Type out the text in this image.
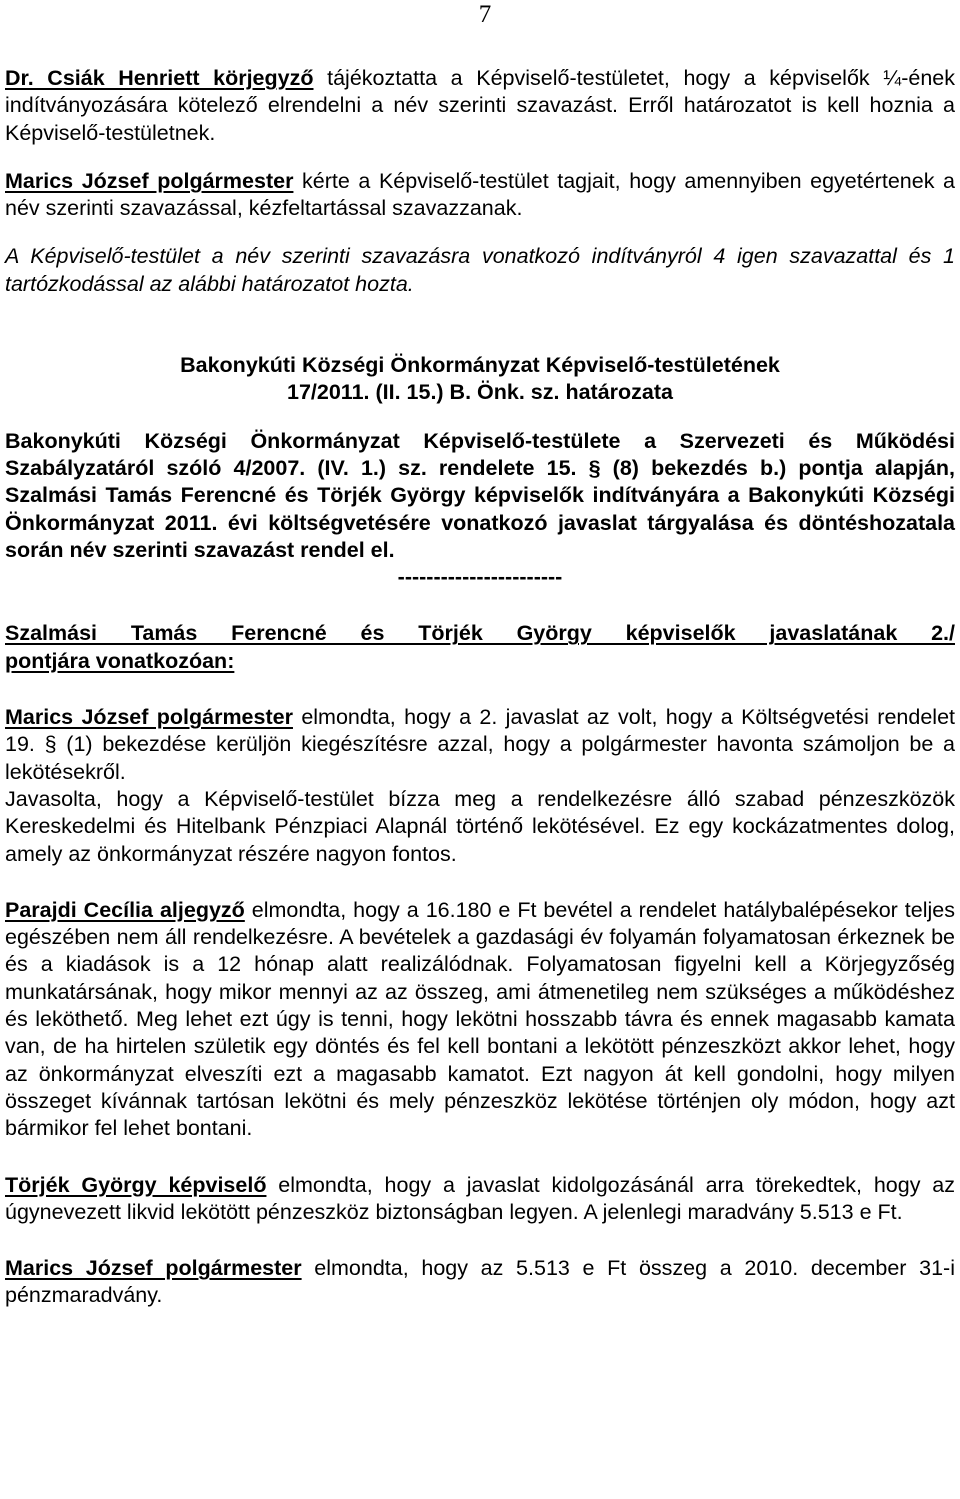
7

Dr. Csiák Henriett körjegyző tájékoztatta a Képviselő-testületet, hogy a képviselők ¼-ének indítványozására kötelező elrendelni a név szerinti szavazást. Erről határozatot is kell hoznia a Képviselő-testületnek.

Marics József polgármester kérte a Képviselő-testület tagjait, hogy amennyiben egyetértenek a név szerinti szavazással, kézfeltartással szavazzanak.

A Képviselő-testület a név szerinti szavazásra vonatkozó indítványról 4 igen szavazattal és 1 tartózkodással az alábbi határozatot hozta.

Bakonykúti Községi Önkormányzat Képviselő-testületének
17/2011. (II. 15.) B. Önk. sz. határozata

Bakonykúti Községi Önkormányzat Képviselő-testülete a Szervezeti és Működési Szabályzatáról szóló 4/2007. (IV. 1.) sz. rendelete 15. § (8) bekezdés b.) pontja alapján, Szalmási Tamás Ferencné és Törjék György képviselők indítványára a Bakonykúti Községi Önkormányzat 2011. évi költségvetésére vonatkozó javaslat tárgyalása és döntéshozatala során név szerinti szavazást rendel el.

-----------------------
Szalmási Tamás Ferencné és Törjék György képviselők javaslatának 2./
pontjára vonatkozóan:

Marics József polgármester elmondta, hogy a 2. javaslat az volt, hogy a Költségvetési rendelet 19. § (1) bekezdése kerüljön kiegészítésre azzal, hogy a polgármester havonta számoljon be a lekötésekről.

Javasolta, hogy a Képviselő-testület bízza meg a rendelkezésre álló szabad pénzeszközök Kereskedelmi és Hitelbank Pénzpiaci Alapnál történő lekötésével. Ez egy kockázatmentes dolog, amely az önkormányzat részére nagyon fontos.

Parajdi Cecília aljegyző elmondta, hogy a 16.180 e Ft bevétel a rendelet hatálybalépésekor teljes egészében nem áll rendelkezésre. A bevételek a gazdasági év folyamán folyamatosan érkeznek be és a kiadások is a 12 hónap alatt realizálódnak. Folyamatosan figyelni kell a Körjegyzőség munkatársának, hogy mikor mennyi az az összeg, ami átmenetileg nem szükséges a működéshez és leköthető. Meg lehet ezt úgy is tenni, hogy lekötni hosszabb távra és ennek magasabb kamata van, de ha hirtelen születik egy döntés és fel kell bontani a lekötött pénzeszközt akkor lehet, hogy az önkormányzat elveszíti ezt a magasabb kamatot. Ezt nagyon át kell gondolni, hogy milyen összeget kívánnak tartósan lekötni és mely pénzeszköz lekötése történjen oly módon, hogy azt bármikor fel lehet bontani.

Törjék György képviselő elmondta, hogy a javaslat kidolgozásánál arra törekedtek, hogy az úgynevezett likvid lekötött pénzeszköz biztonságban legyen. A jelenlegi maradvány 5.513 e Ft.

Marics József polgármester elmondta, hogy az 5.513 e Ft összeg a 2010. december 31-i pénzmaradvány.
